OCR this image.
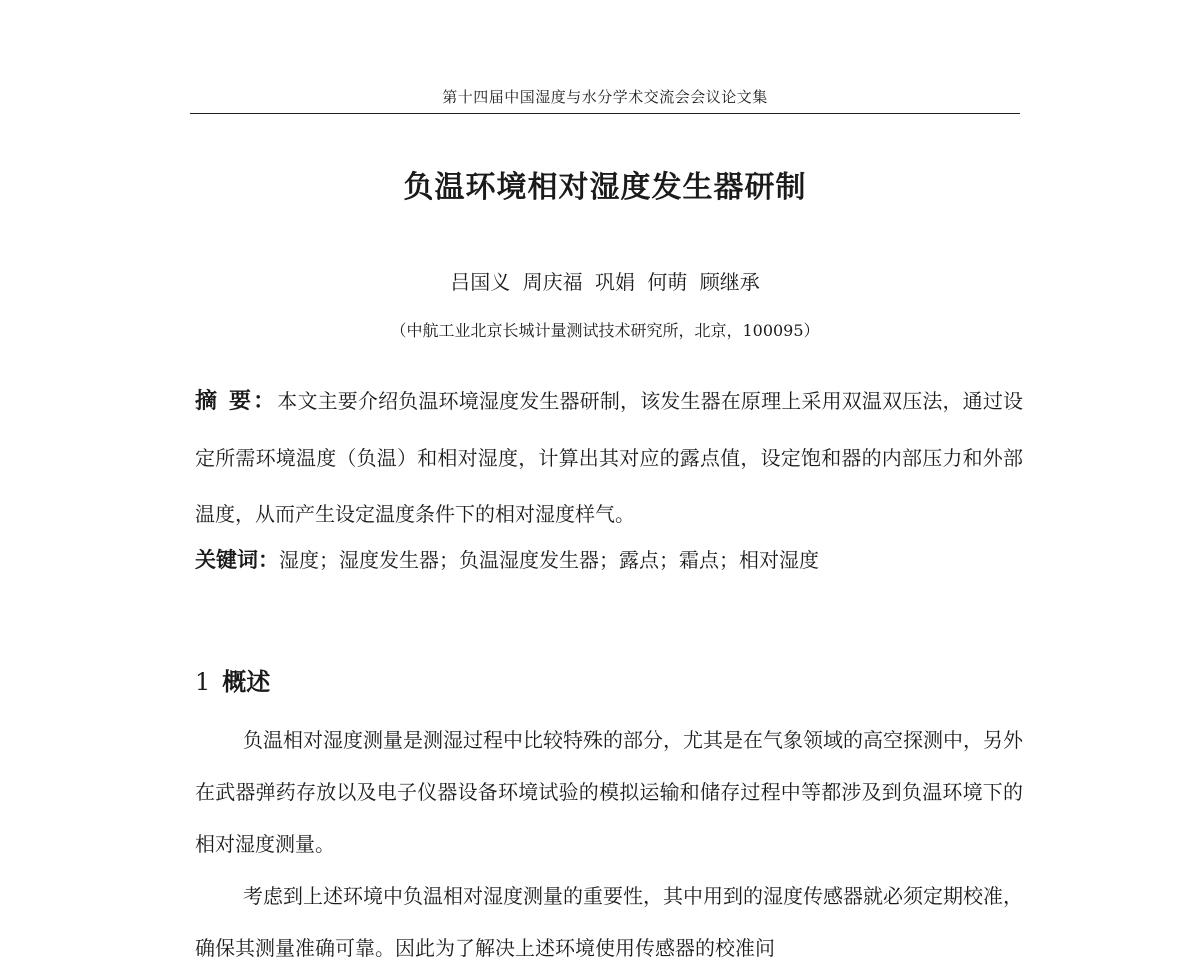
第十四届中国湿度与水分学术交流会会议论文集
负温环境相对湿度发生器研制
吕国义 周庆福 巩娟 何萌 顾继承
（中航工业北京长城计量测试技术研究所，北京，100095）
摘 要：本文主要介绍负温环境湿度发生器研制，该发生器在原理上采用双温双压法，通过设定所需环境温度（负温）和相对湿度，计算出其对应的露点值，设定饱和器的内部压力和外部温度，从而产生设定温度条件下的相对湿度样气。
关键词：湿度；湿度发生器；负温湿度发生器；露点；霜点；相对湿度
1 概述

负温相对湿度测量是测湿过程中比较特殊的部分，尤其是在气象领域的高空探测中，另外在武器弹药存放以及电子仪器设备环境试验的模拟运输和储存过程中等都涉及到负温环境下的相对湿度测量。

考虑到上述环境中负温相对湿度测量的重要性，其中用到的湿度传感器就必须定期校准，确保其测量准确可靠。因此为了解决上述环境使用传感器的校准问
